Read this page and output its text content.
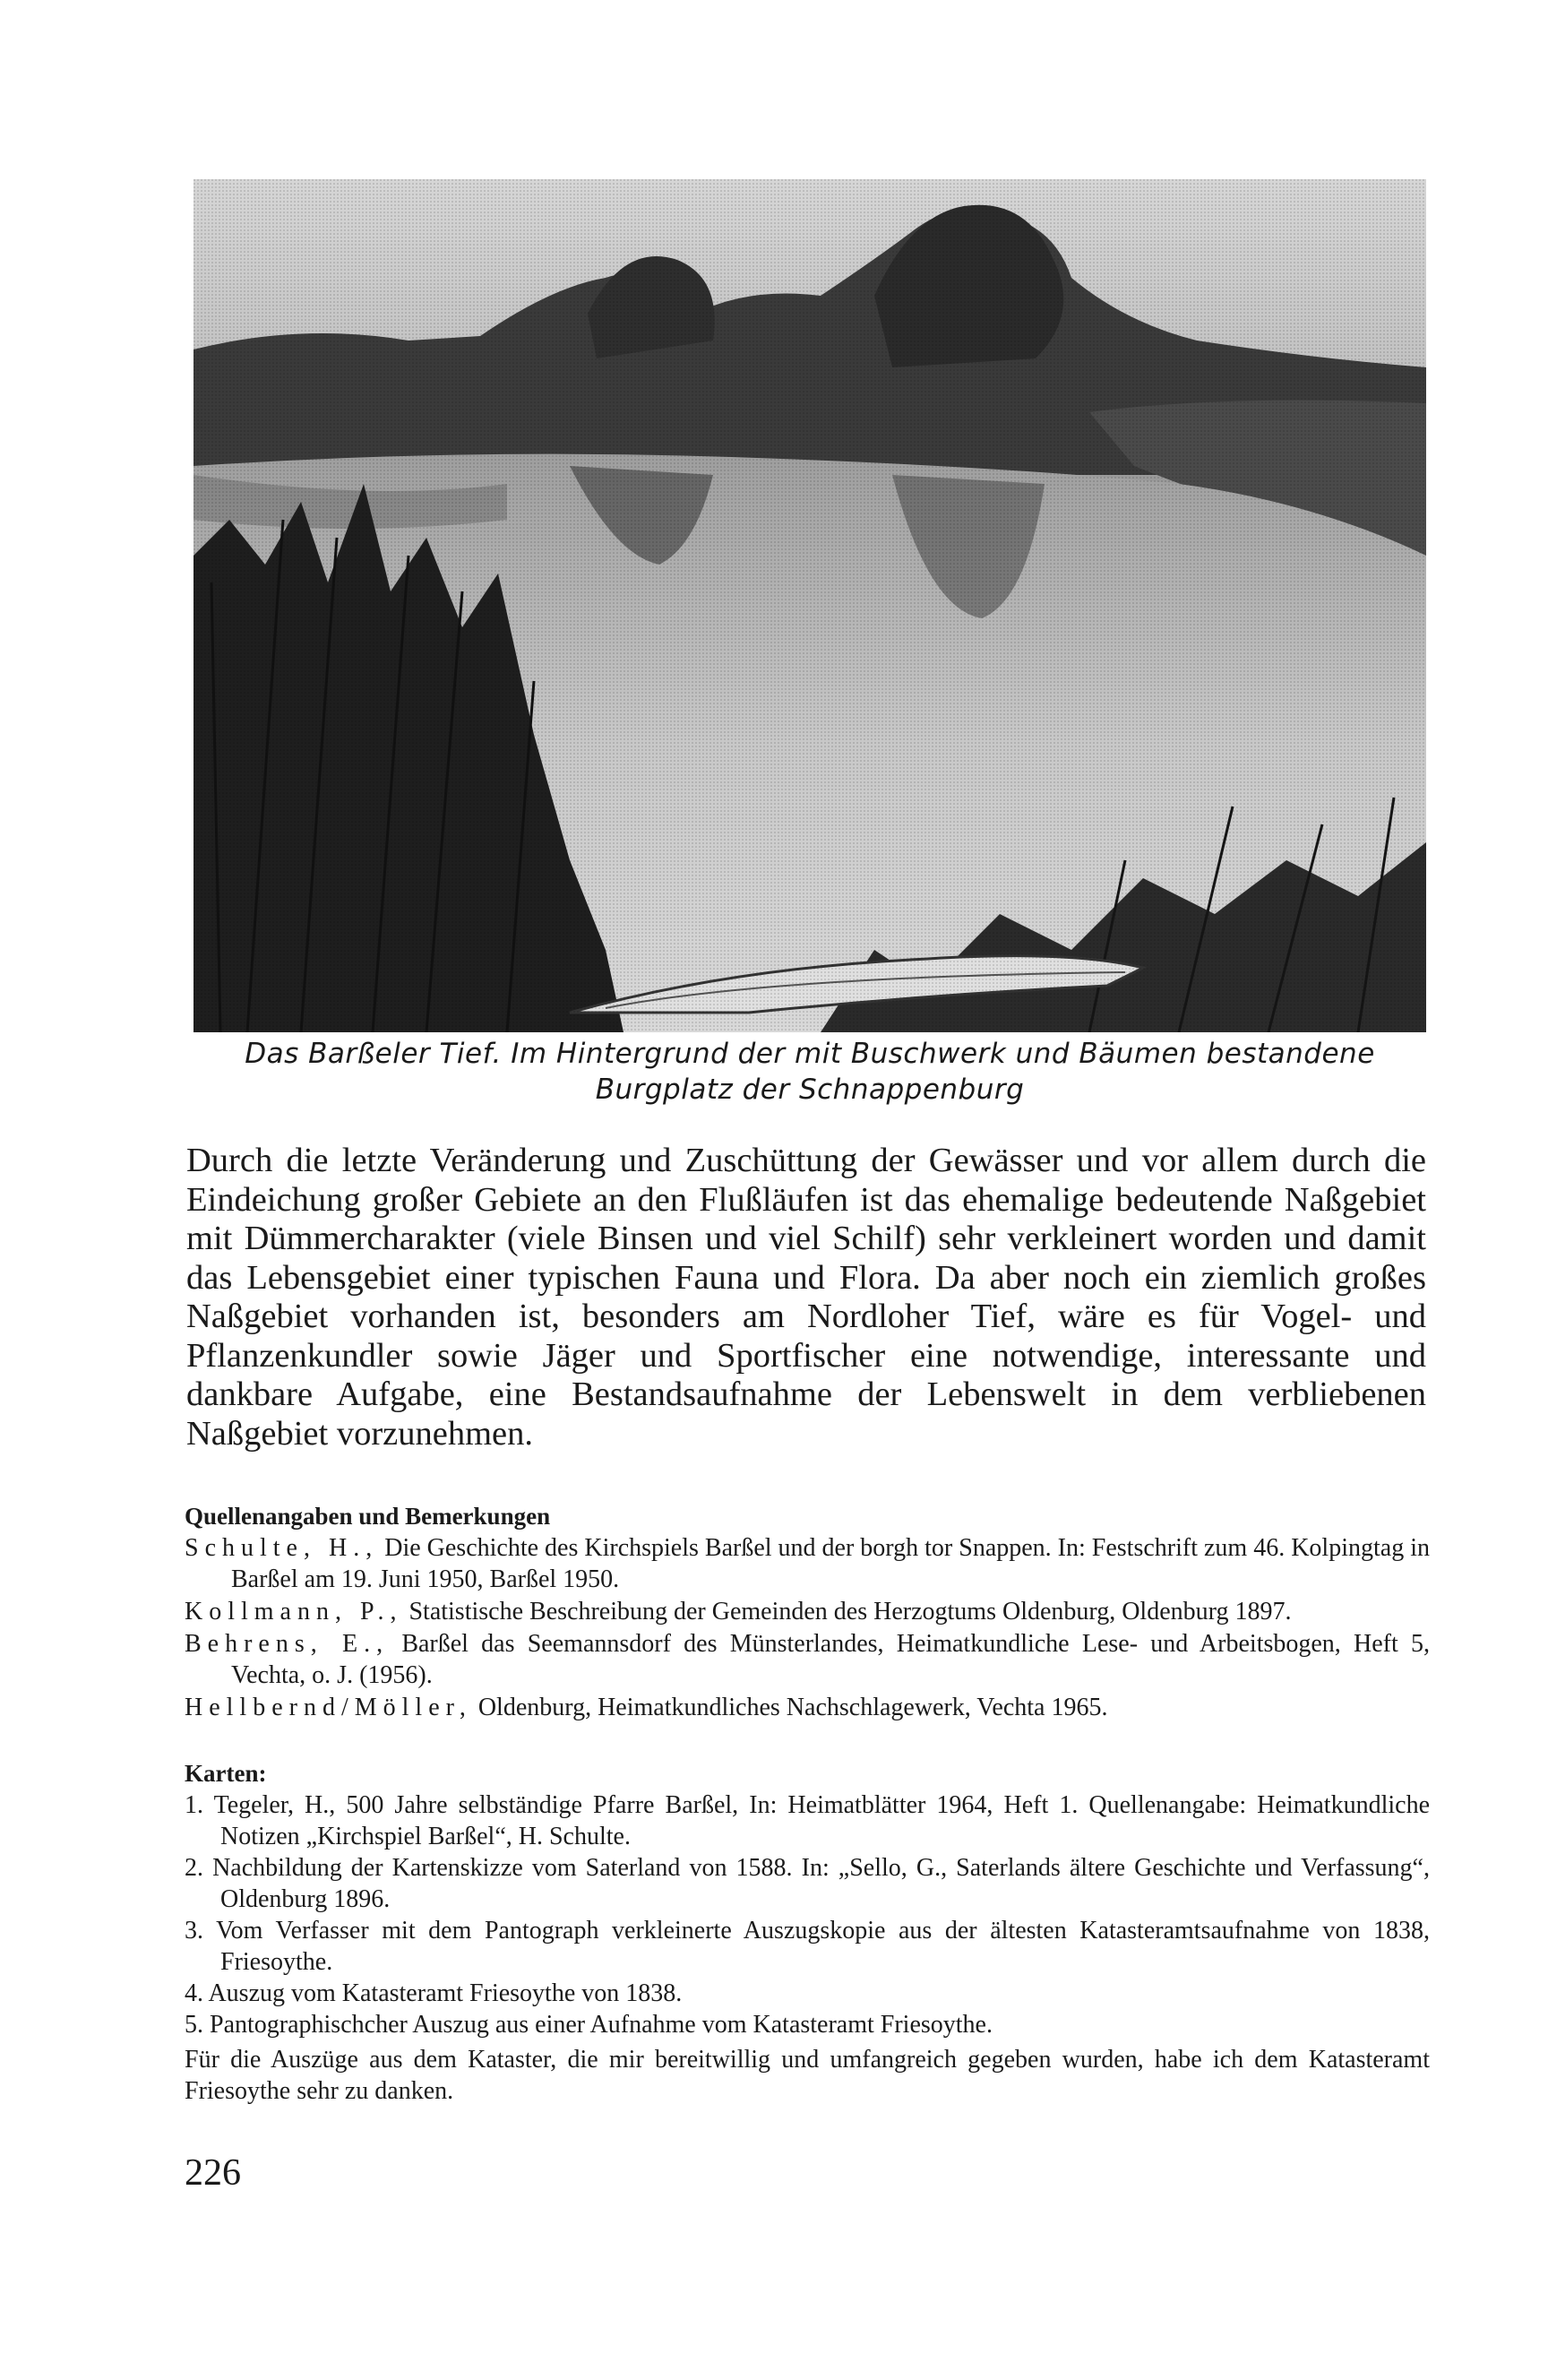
Das Barßeler Tief. Im Hintergrund der mit Buschwerk und Bäumen bestandene
Burgplatz der Schnappenburg

Durch die letzte Veränderung und Zuschüttung der Gewässer und vor allem durch die Eindeichung großer Gebiete an den Flußläufen ist das ehemalige bedeutende Naßgebiet mit Dümmercharakter (viele Binsen und viel Schilf) sehr verkleinert worden und damit das Lebensgebiet einer typischen Fauna und Flora. Da aber noch ein ziemlich großes Naßgebiet vorhanden ist, besonders am Nordloher Tief, wäre es für Vogel- und Pflanzenkundler sowie Jäger und Sportfischer eine notwendige, interessante und dankbare Aufgabe, eine Bestandsaufnahme der Lebenswelt in dem verbliebenen Naßgebiet vorzunehmen.

Quellenangaben und Bemerkungen

Schulte, H., Die Geschichte des Kirchspiels Barßel und der borgh tor Snappen. In: Festschrift zum 46. Kolpingtag in Barßel am 19. Juni 1950, Barßel 1950.

Kollmann, P., Statistische Beschreibung der Gemeinden des Herzogtums Oldenburg, Oldenburg 1897.

Behrens, E., Barßel das Seemannsdorf des Münsterlandes, Heimatkundliche Lese- und Arbeitsbogen, Heft 5, Vechta, o. J. (1956).

Hellbernd/Möller, Oldenburg, Heimatkundliches Nachschlagewerk, Vechta 1965.

Karten:
1. Tegeler, H., 500 Jahre selbständige Pfarre Barßel, In: Heimatblätter 1964, Heft 1. Quellenangabe: Heimatkundliche Notizen „Kirchspiel Barßel“, H. Schulte.
2. Nachbildung der Kartenskizze vom Saterland von 1588. In: „Sello, G., Saterlands ältere Geschichte und Verfassung“, Oldenburg 1896.
3. Vom Verfasser mit dem Pantograph verkleinerte Auszugskopie aus der ältesten Katasteramtsaufnahme von 1838, Friesoythe.
4. Auszug vom Katasteramt Friesoythe von 1838.
5. Pantographischcher Auszug aus einer Aufnahme vom Katasteramt Friesoythe.

Für die Auszüge aus dem Kataster, die mir bereitwillig und umfangreich gegeben wurden, habe ich dem Katasteramt Friesoythe sehr zu danken.

226
